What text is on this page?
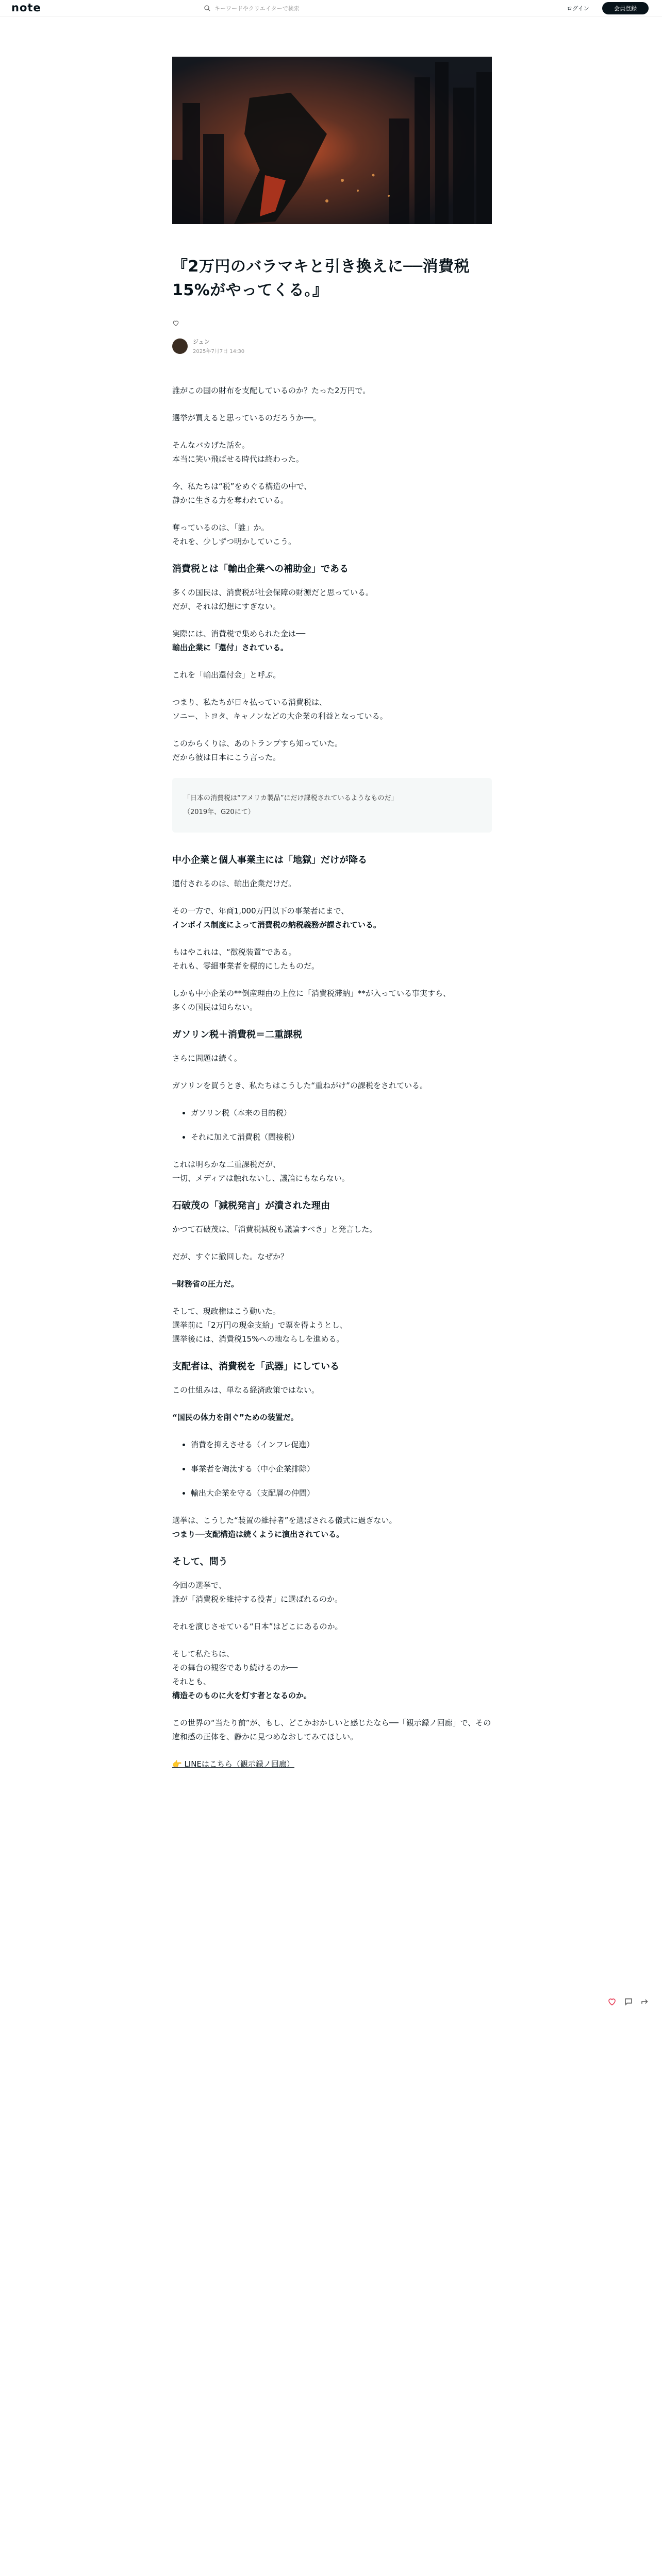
note	キーワードやクリエイターで検索	ログイン	会員登録
『2万円のバラマキと引き換えに──消費税15%がやってくる。』
ジュン
2025年7月7日 14:30
誰がこの国の財布を支配しているのか？たった2万円で。
選挙が買えると思っているのだろうか──。
そんなバカげた話を。
本当に笑い飛ばせる時代は終わった。
今、私たちは“税”をめぐる構造の中で、
静かに生きる力を奪われている。
奪っているのは、「誰」か。
それを、少しずつ明かしていこう。
消費税とは「輸出企業への補助金」である
多くの国民は、消費税が社会保障の財源だと思っている。
だが、それは幻想にすぎない。
実際には、消費税で集められた金は──
輸出企業に「還付」されている。
これを「輸出還付金」と呼ぶ。
つまり、私たちが日々払っている消費税は、
ソニー、トヨタ、キャノンなどの大企業の利益となっている。
このからくりは、あのトランプすら知っていた。
だから彼は日本にこう言った。
「日本の消費税は“アメリカ製品”にだけ課税されているようなものだ」
（2019年、G20にて）
中小企業と個人事業主には「地獄」だけが降る
還付されるのは、輸出企業だけだ。
その一方で、年商1,000万円以下の事業者にまで、
インボイス制度によって消費税の納税義務が課されている。
もはやこれは、“徴税装置”である。
それも、零細事業者を標的にしたものだ。
しかも中小企業の**倒産理由の上位に「消費税滞納」**が入っている事実すら、
多くの国民は知らない。
ガソリン税＋消費税＝二重課税
さらに問題は続く。
ガソリンを買うとき、私たちはこうした“重ねがけ”の課税をされている。
• ガソリン税（本来の目的税）
• それに加えて消費税（間接税）
これは明らかな二重課税だが、
一切、メディアは触れないし、議論にもならない。
石破茂の「減税発言」が潰された理由
かつて石破茂は、「消費税減税も議論すべき」と発言した。
だが、すぐに撤回した。なぜか？
─財務省の圧力だ。
そして、現政権はこう動いた。
選挙前に「2万円の現金支給」で票を得ようとし、
選挙後には、消費税15%への地ならしを進める。
支配者は、消費税を「武器」にしている
この仕組みは、単なる経済政策ではない。
“国民の体力を削ぐ”ための装置だ。
• 消費を抑えさせる（インフレ促進）
• 事業者を淘汰する（中小企業排除）
• 輸出大企業を守る（支配層の仲間）
選挙は、こうした“装置の維持者”を選ばされる儀式に過ぎない。
つまり──支配構造は続くように演出されている。
そして、問う
今回の選挙で、
誰が「消費税を維持する役者」に選ばれるのか。
それを演じさせている“日本”はどこにあるのか。
そして私たちは、
その舞台の観客であり続けるのか──
それとも、
構造そのものに火を灯す者となるのか。
この世界の“当たり前”が、もし、どこかおかしいと感じたなら──「観示録ノ回廊」で、その違和感の正体を、静かに見つめなおしてみてほしい。
👉 LINEはこちら（観示録ノ回廊）
